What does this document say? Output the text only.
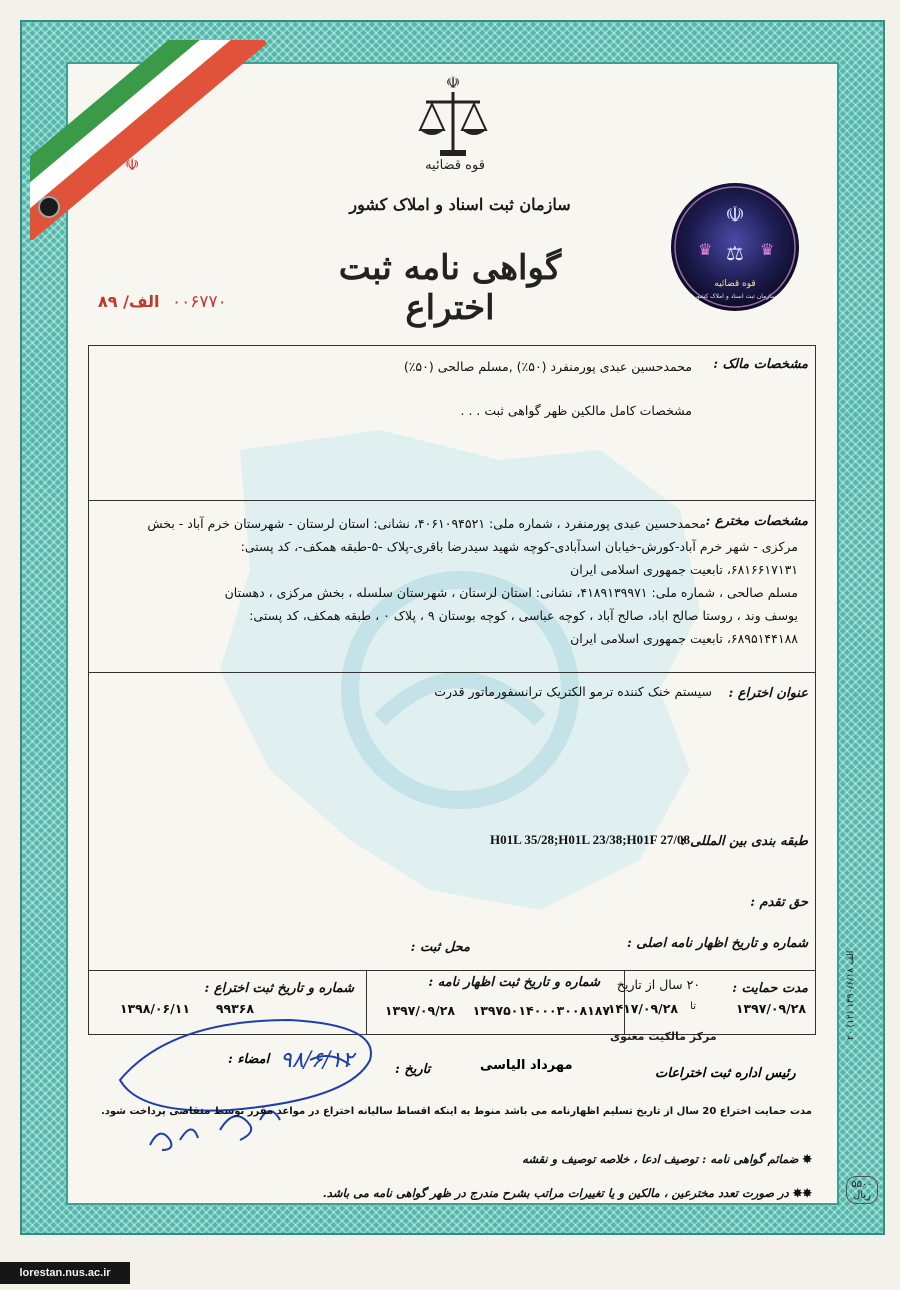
☫
☫
قوه قضائیه
سازمان ثبت اسناد و املاک کشور
گواهی نامه ثبت اختراع
۰۰۶۷۷۰
الف/ ۸۹
☫
♛	♛
⚖
قوه قضائیه
سازمان ثبت اسناد و املاک کشور
مشخصات مالک :
محمدحسین عبدی پورمنفرد (۵۰٪) ,مسلم صالحی (۵۰٪)
مشخصات کامل مالکین ظهر گواهی ثبت . . .
مشخصات مخترع :
محمدحسین عبدی پورمنفرد ، شماره ملی: ۴۰۶۱۰۹۴۵۲۱، نشانی: استان لرستان - شهرستان خرم آباد - بخش
مرکزی - شهر خرم آباد-کورش-خیابان اسدآبادی-کوچه شهید سیدرضا باقری-پلاک -۵-طبقه همکف-، کد پستی:
۶۸۱۶۶۱۷۱۳۱، تابعیت جمهوری اسلامی ایران
مسلم صالحی ، شماره ملی: ۴۱۸۹۱۳۹۹۷۱، نشانی: استان لرستان ، شهرستان سلسله ، بخش مرکزی ، دهستان
یوسف وند ، روستا صالح اباد، صالح آباد ، کوچه عباسی ، کوچه بوستان ۹ ، پلاک ۰ ، طبقه همکف، کد پستی:
۶۸۹۵۱۴۴۱۸۸، تابعیت جمهوری اسلامی ایران
عنوان اختراع :
سیستم خنک کننده ترمو الکتریک ترانسفورماتور قدرت
طبقه بندی بین المللی :
H01L 35/28;H01L 23/38;H01F 27/08
حق تقدم :
شماره و تاریخ اظهار نامه اصلی :
محل ثبت :
مدت حمایت :
۱۳۹۷/۰۹/۲۸
۲۰ سال از تاریخ
تا
۱۴۱۷/۰۹/۲۸
شماره و تاریخ ثبت اظهار نامه :
۱۳۹۷۵۰۱۴۰۰۰۳۰۰۸۱۸۷
۱۳۹۷/۰۹/۲۸
شماره و تاریخ ثبت اختراع :
۹۹۳۶۸
۱۳۹۸/۰۶/۱۱
مرکز مالکیت معنوی
مهرداد الیاسی
رئیس اداره ثبت اختراعات
تاریخ :
امضاء : ۹۸/۶/۱۲
مدت حمایت اختراع 20 سال از تاریخ تسلیم اظهارنامه می باشد منوط به اینکه اقساط سالیانه اختراع در مواعد مقرر توسط متقاضی پرداخت شود.
✸ ضمائم گواهی نامه : توصیف ادعا ، خلاصه توصیف و نقشه
✸✸ در صورت تعدد مخترعین ، مالکین و یا تغییرات مراتب بشرح مندرج در ظهر گواهی نامه می باشد.
۲۰ (۱۲) الف ۱۳۹۰/۶/۱۸
۵۵۰۰ ریال
lorestan.nus.ac.ir
